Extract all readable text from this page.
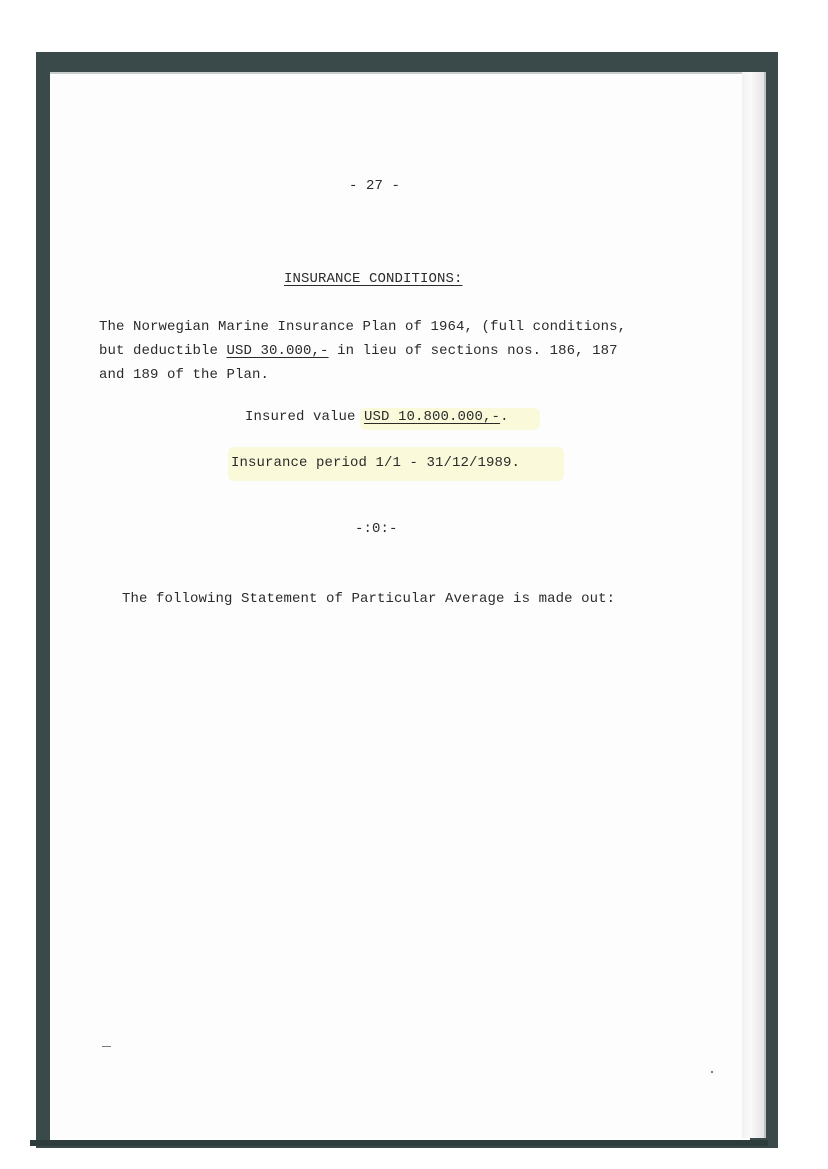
- 27 -
INSURANCE CONDITIONS:
The Norwegian Marine Insurance Plan of 1964, (full conditions,
but deductible USD 30.000,- in lieu of sections nos. 186, 187
and 189 of the Plan.
Insured value USD 10.800.000,-.
Insurance period 1/1 - 31/12/1989.
-:0:-
The following Statement of Particular Average is made out:
